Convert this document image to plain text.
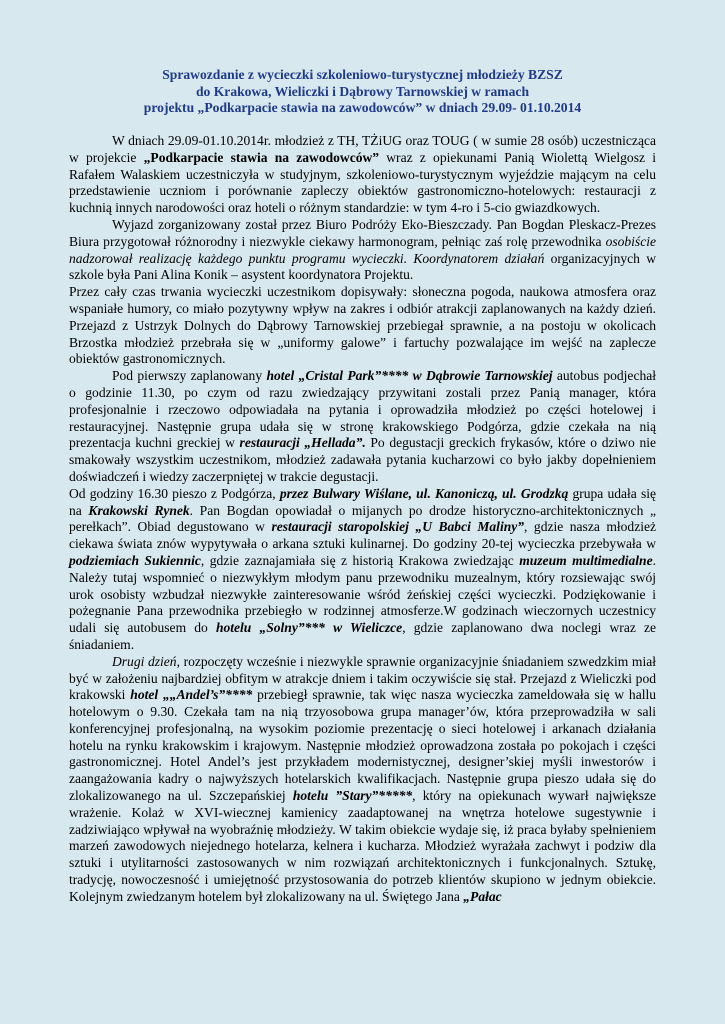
Sprawozdanie z wycieczki szkoleniowo-turystycznej młodzieży BZSZ
do Krakowa, Wieliczki i Dąbrowy Tarnowskiej w ramach
projektu „Podkarpacie stawia na zawodowców” w dniach 29.09- 01.10.2014

W dniach 29.09-01.10.2014r. młodzież z TH, TŻiUG oraz TOUG ( w sumie 28 osób) uczestnicząca w projekcie „Podkarpacie stawia na zawodowców” wraz z opiekunami Panią Wiolettą Wielgosz i Rafałem Walaskiem uczestniczyła w studyjnym, szkoleniowo-turystycznym wyjeździe mającym na celu przedstawienie uczniom i porównanie zapleczy obiektów gastronomiczno-hotelowych: restauracji z kuchnią innych narodowości oraz hoteli o różnym standardzie: w tym 4-ro i 5-cio gwiazdkowych.

Wyjazd zorganizowany został przez Biuro Podróży Eko-Bieszczady. Pan Bogdan Pleskacz-Prezes Biura przygotował różnorodny i niezwykle ciekawy harmonogram, pełniąc zaś rolę przewodnika osobiście nadzorował realizację każdego punktu programu wycieczki. Koordynatorem działań organizacyjnych w szkole była Pani Alina Konik – asystent koordynatora Projektu.

Przez cały czas trwania wycieczki uczestnikom dopisywały: słoneczna pogoda, naukowa atmosfera oraz wspaniałe humory, co miało pozytywny wpływ na zakres i odbiór atrakcji zaplanowanych na każdy dzień. Przejazd z Ustrzyk Dolnych do Dąbrowy Tarnowskiej przebiegał sprawnie, a na postoju w okolicach Brzostka młodzież przebrała się w „uniformy galowe” i fartuchy pozwalające im wejść na zaplecze obiektów gastronomicznych.

Pod pierwszy zaplanowany hotel „Cristal Park”**** w Dąbrowie Tarnowskiej autobus podjechał o godzinie 11.30, po czym od razu zwiedzający przywitani zostali przez Panią manager, która profesjonalnie i rzeczowo odpowiadała na pytania i oprowadziła młodzież po części hotelowej i restauracyjnej. Następnie grupa udała się w stronę krakowskiego Podgórza, gdzie czekała na nią prezentacja kuchni greckiej w restauracji „Hellada”. Po degustacji greckich frykasów, które o dziwo nie smakowały wszystkim uczestnikom, młodzież zadawała pytania kucharzowi co było jakby dopełnieniem doświadczeń i wiedzy zaczerpniętej w trakcie degustacji.

Od godziny 16.30 pieszo z Podgórza, przez Bulwary Wiślane, ul. Kanoniczą, ul. Grodzką grupa udała się na Krakowski Rynek. Pan Bogdan opowiadał o mijanych po drodze historyczno-architektonicznych „ perełkach”. Obiad degustowano w restauracji staropolskiej „U Babci Maliny”, gdzie nasza młodzież ciekawa świata znów wypytywała o arkana sztuki kulinarnej. Do godziny 20-tej wycieczka przebywała w podziemiach Sukiennic, gdzie zaznajamiała się z historią Krakowa zwiedzając muzeum multimedialne. Należy tutaj wspomnieć o niezwykłym młodym panu przewodniku muzealnym, który rozsiewając swój urok osobisty wzbudzał niezwykłe zainteresowanie wśród żeńskiej części wycieczki. Podziękowanie i pożegnanie Pana przewodnika przebiegło w rodzinnej atmosferze.W godzinach wieczornych uczestnicy udali się autobusem do hotelu „Solny”*** w Wieliczce, gdzie zaplanowano dwa noclegi wraz ze śniadaniem.

Drugi dzień, rozpoczęty wcześnie i niezwykle sprawnie organizacyjnie śniadaniem szwedzkim miał być w założeniu najbardziej obfitym w atrakcje dniem i takim oczywiście się stał. Przejazd z Wieliczki pod krakowski hotel „„Andel’s”**** przebiegł sprawnie, tak więc nasza wycieczka zameldowała się w hallu hotelowym o 9.30. Czekała tam na nią trzyosobowa grupa manager’ów, która przeprowadziła w sali konferencyjnej profesjonalną, na wysokim poziomie prezentację o sieci hotelowej i arkanach działania hotelu na rynku krakowskim i krajowym. Następnie młodzież oprowadzona została po pokojach i części gastronomicznej. Hotel Andel’s jest przykładem modernistycznej, designer’skiej myśli inwestorów i zaangażowania kadry o najwyższych hotelarskich kwalifikacjach. Następnie grupa pieszo udała się do zlokalizowanego na ul. Szczepańskiej hotelu ”Stary”*****, który na opiekunach wywarł największe wrażenie. Kolaż w XVI-wiecznej kamienicy zaadaptowanej na wnętrza hotelowe sugestywnie i zadziwiająco wpływał na wyobraźnię młodzieży. W takim obiekcie wydaje się, iż praca byłaby spełnieniem marzeń zawodowych niejednego hotelarza, kelnera i kucharza. Młodzież wyrażała zachwyt i podziw dla sztuki i utylitarności zastosowanych w nim rozwiązań architektonicznych i funkcjonalnych. Sztukę, tradycję, nowoczesność i umiejętność przystosowania do potrzeb klientów skupiono w jednym obiekcie. Kolejnym zwiedzanym hotelem był zlokalizowany na ul. Świętego Jana „Pałac
